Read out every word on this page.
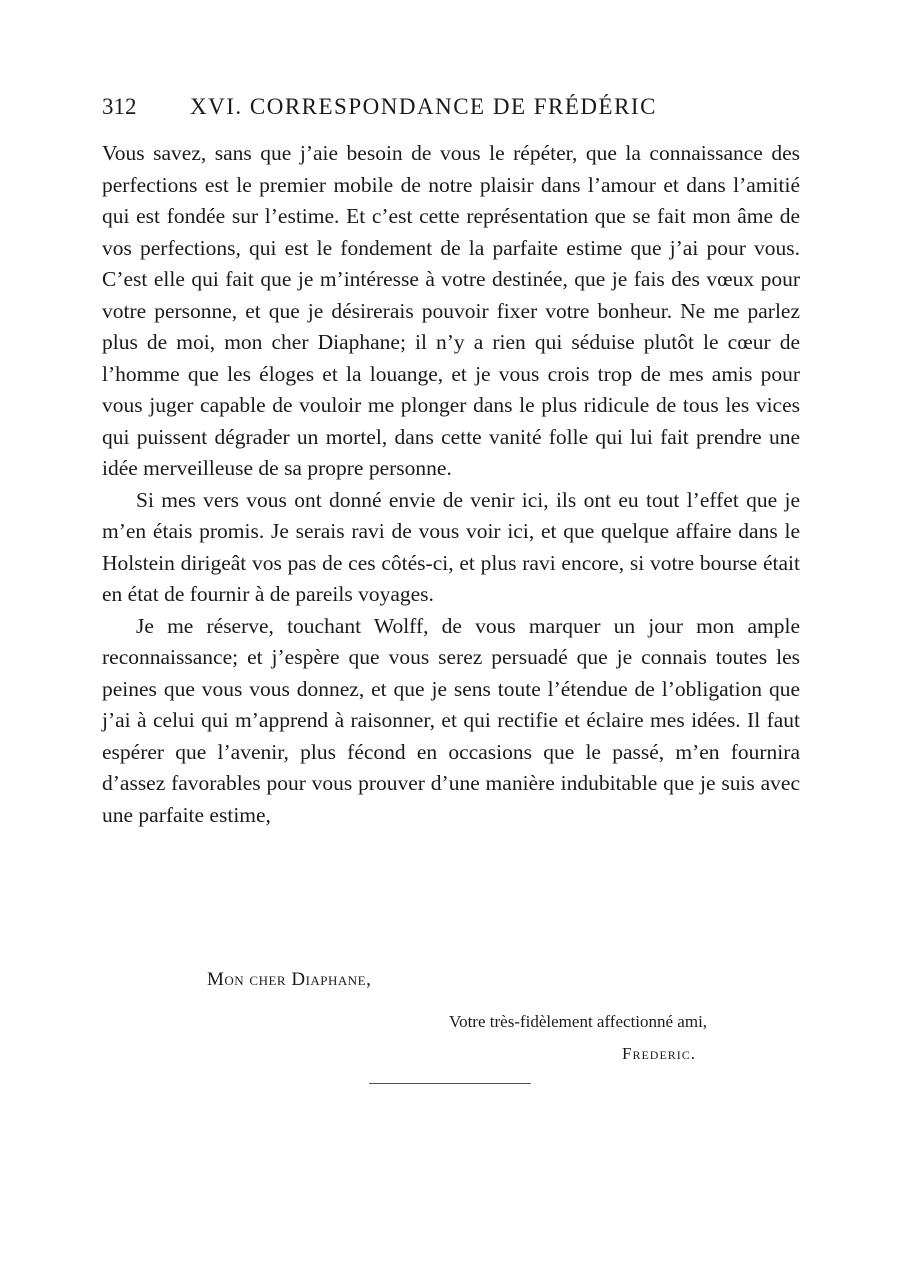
312 XVI. CORRESPONDANCE DE FRÉDÉRIC

Vous savez, sans que j’aie besoin de vous le répéter, que la connaissance des perfections est le premier mobile de notre plaisir dans l’amour et dans l’amitié qui est fondée sur l’estime. Et c’est cette représentation que se fait mon âme de vos perfections, qui est le fondement de la parfaite estime que j’ai pour vous. C’est elle qui fait que je m’intéresse à votre destinée, que je fais des vœux pour votre personne, et que je désirerais pouvoir fixer votre bonheur. Ne me parlez plus de moi, mon cher Diaphane; il n’y a rien qui séduise plutôt le cœur de l’homme que les éloges et la louange, et je vous crois trop de mes amis pour vous juger capable de vouloir me plonger dans le plus ridicule de tous les vices qui puissent dégrader un mortel, dans cette vanité folle qui lui fait prendre une idée merveilleuse de sa propre personne.

Si mes vers vous ont donné envie de venir ici, ils ont eu tout l’effet que je m’en étais promis. Je serais ravi de vous voir ici, et que quelque affaire dans le Holstein dirigeât vos pas de ces côtés-ci, et plus ravi encore, si votre bourse était en état de fournir à de pareils voyages.

Je me réserve, touchant Wolff, de vous marquer un jour mon ample reconnaissance; et j’espère que vous serez persuadé que je connais toutes les peines que vous vous donnez, et que je sens toute l’étendue de l’obligation que j’ai à celui qui m’apprend à raisonner, et qui rectifie et éclaire mes idées. Il faut espérer que l’avenir, plus fécond en occasions que le passé, m’en fournira d’assez favorables pour vous prouver d’une manière indubitable que je suis avec une parfaite estime,

Mon cher Diaphane,
Votre très-fidèlement affectionné ami,
Frederic.
